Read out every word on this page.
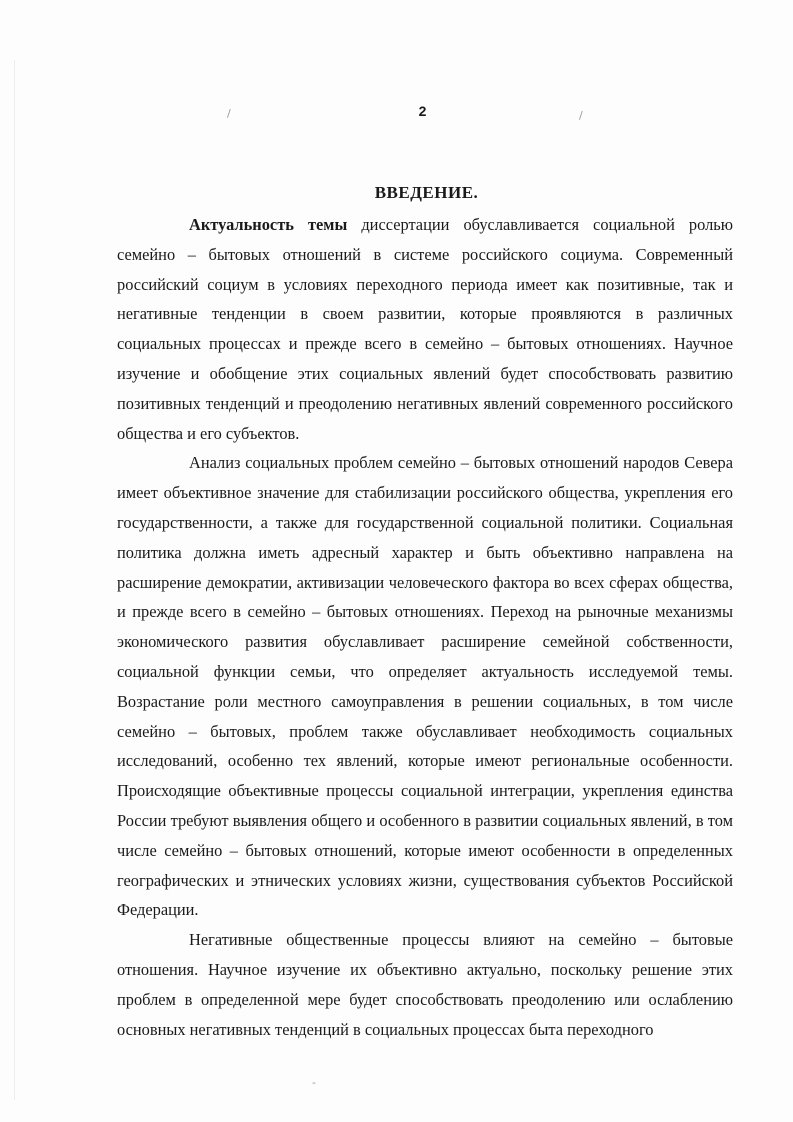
/	/
-
2
ВВЕДЕНИЕ.

Актуальность темы диссертации обуславливается социальной ролью семейно – бытовых отношений в системе российского социума. Современный российский социум в условиях переходного периода имеет как позитивные, так и негативные тенденции в своем развитии, которые проявляются в различных социальных процессах и прежде всего в семейно – бытовых отношениях. Научное изучение и обобщение этих социальных явлений будет способствовать развитию позитивных тенденций и преодолению негативных явлений современного российского общества и его субъектов.

Анализ социальных проблем семейно – бытовых отношений народов Севера имеет объективное значение для стабилизации российского общества, укрепления его государственности, а также для государственной социальной политики. Социальная политика должна иметь адресный характер и быть объективно направлена на расширение демократии, активизации человеческого фактора во всех сферах общества, и прежде всего в семейно – бытовых отношениях. Переход на рыночные механизмы экономического развития обуславливает расширение семейной собственности, социальной функции семьи, что определяет актуальность исследуемой темы. Возрастание роли местного самоуправления в решении социальных, в том числе семейно – бытовых, проблем также обуславливает необходимость социальных исследований, особенно тех явлений, которые имеют региональные особенности. Происходящие объективные процессы социальной интеграции, укрепления единства России требуют выявления общего и особенного в развитии социальных явлений, в том числе семейно – бытовых отношений, которые имеют особенности в определенных географических и этнических условиях жизни, существования субъектов Российской Федерации.

Негативные общественные процессы влияют на семейно – бытовые отношения. Научное изучение их объективно актуально, поскольку решение этих проблем в определенной мере будет способствовать преодолению или ослаблению основных негативных тенденций в социальных процессах быта переходного
